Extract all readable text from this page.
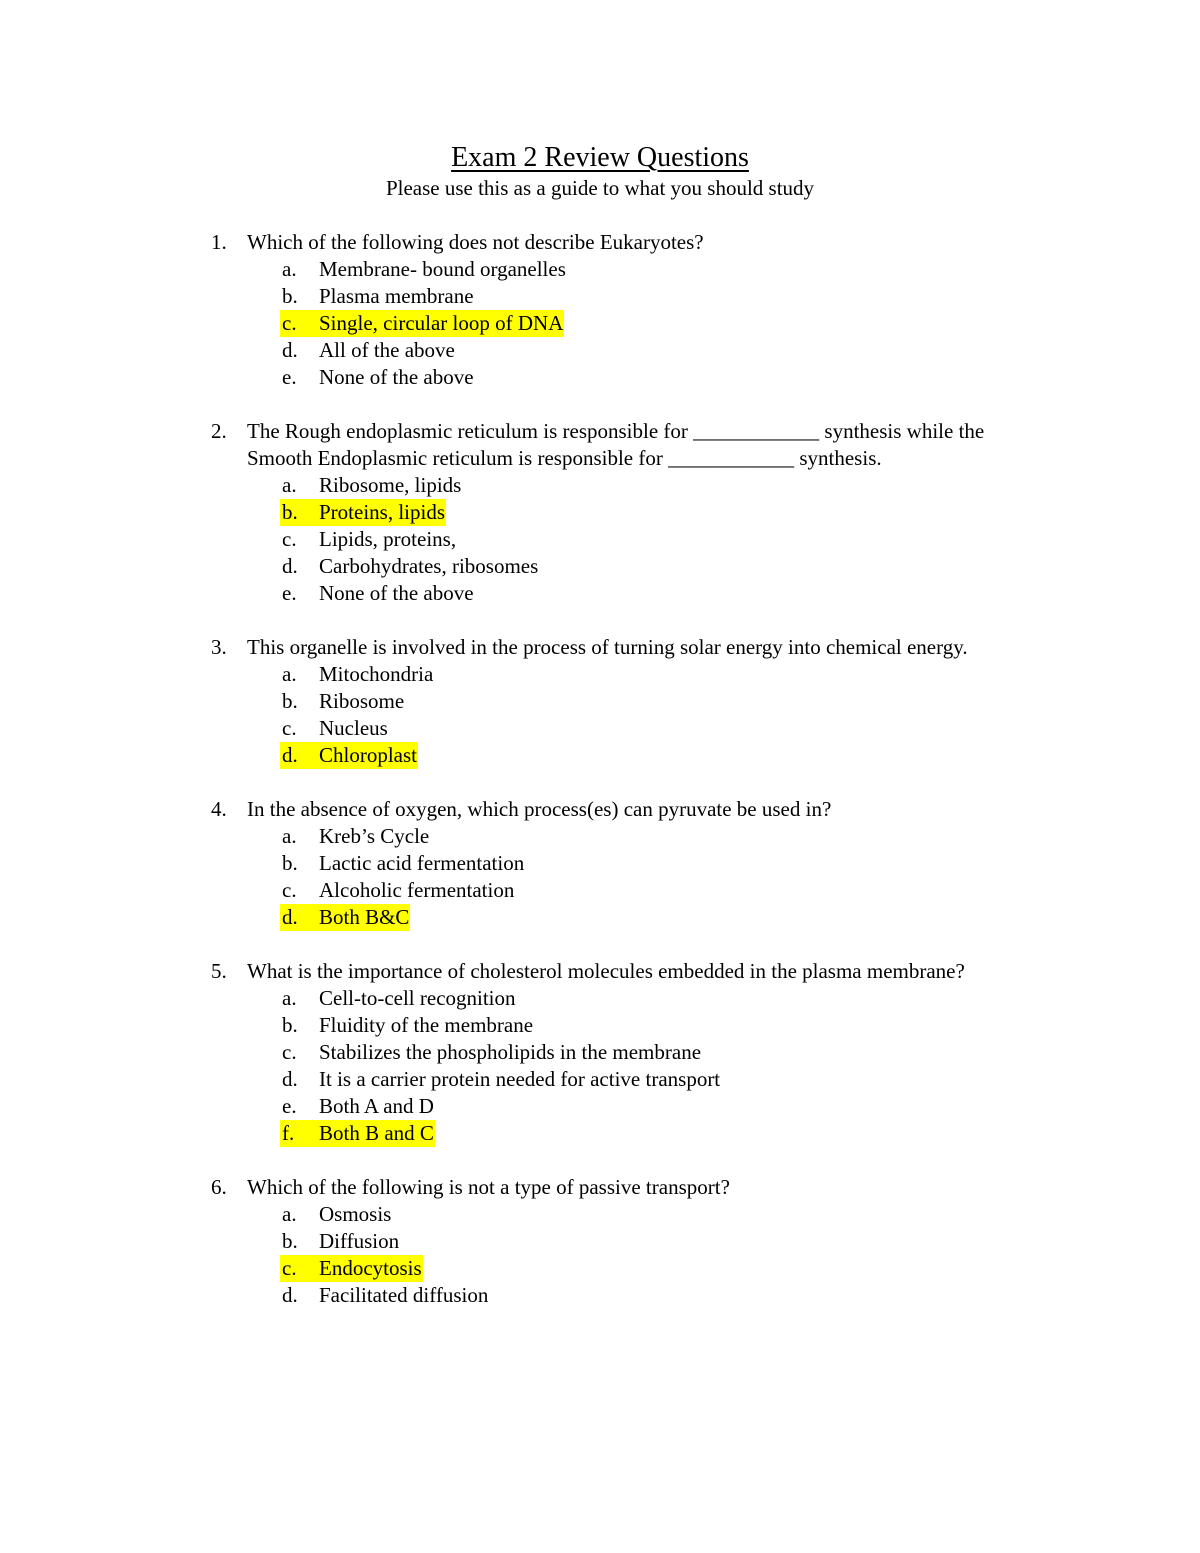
Exam 2 Review Questions
Please use this as a guide to what you should study
1. Which of the following does not describe Eukaryotes?
a. Membrane- bound organelles
b. Plasma membrane
c. Single, circular loop of DNA
d. All of the above
e. None of the above
2. The Rough endoplasmic reticulum is responsible for ____________ synthesis while the Smooth Endoplasmic reticulum is responsible for ____________ synthesis.
a. Ribosome, lipids
b. Proteins, lipids
c. Lipids, proteins,
d. Carbohydrates, ribosomes
e. None of the above
3. This organelle is involved in the process of turning solar energy into chemical energy.
a. Mitochondria
b. Ribosome
c. Nucleus
d. Chloroplast
4. In the absence of oxygen, which process(es) can pyruvate be used in?
a. Kreb’s Cycle
b. Lactic acid fermentation
c. Alcoholic fermentation
d. Both B&C
5. What is the importance of cholesterol molecules embedded in the plasma membrane?
a. Cell-to-cell recognition
b. Fluidity of the membrane
c. Stabilizes the phospholipids in the membrane
d. It is a carrier protein needed for active transport
e. Both A and D
f. Both B and C
6. Which of the following is not a type of passive transport?
a. Osmosis
b. Diffusion
c. Endocytosis
d. Facilitated diffusion
